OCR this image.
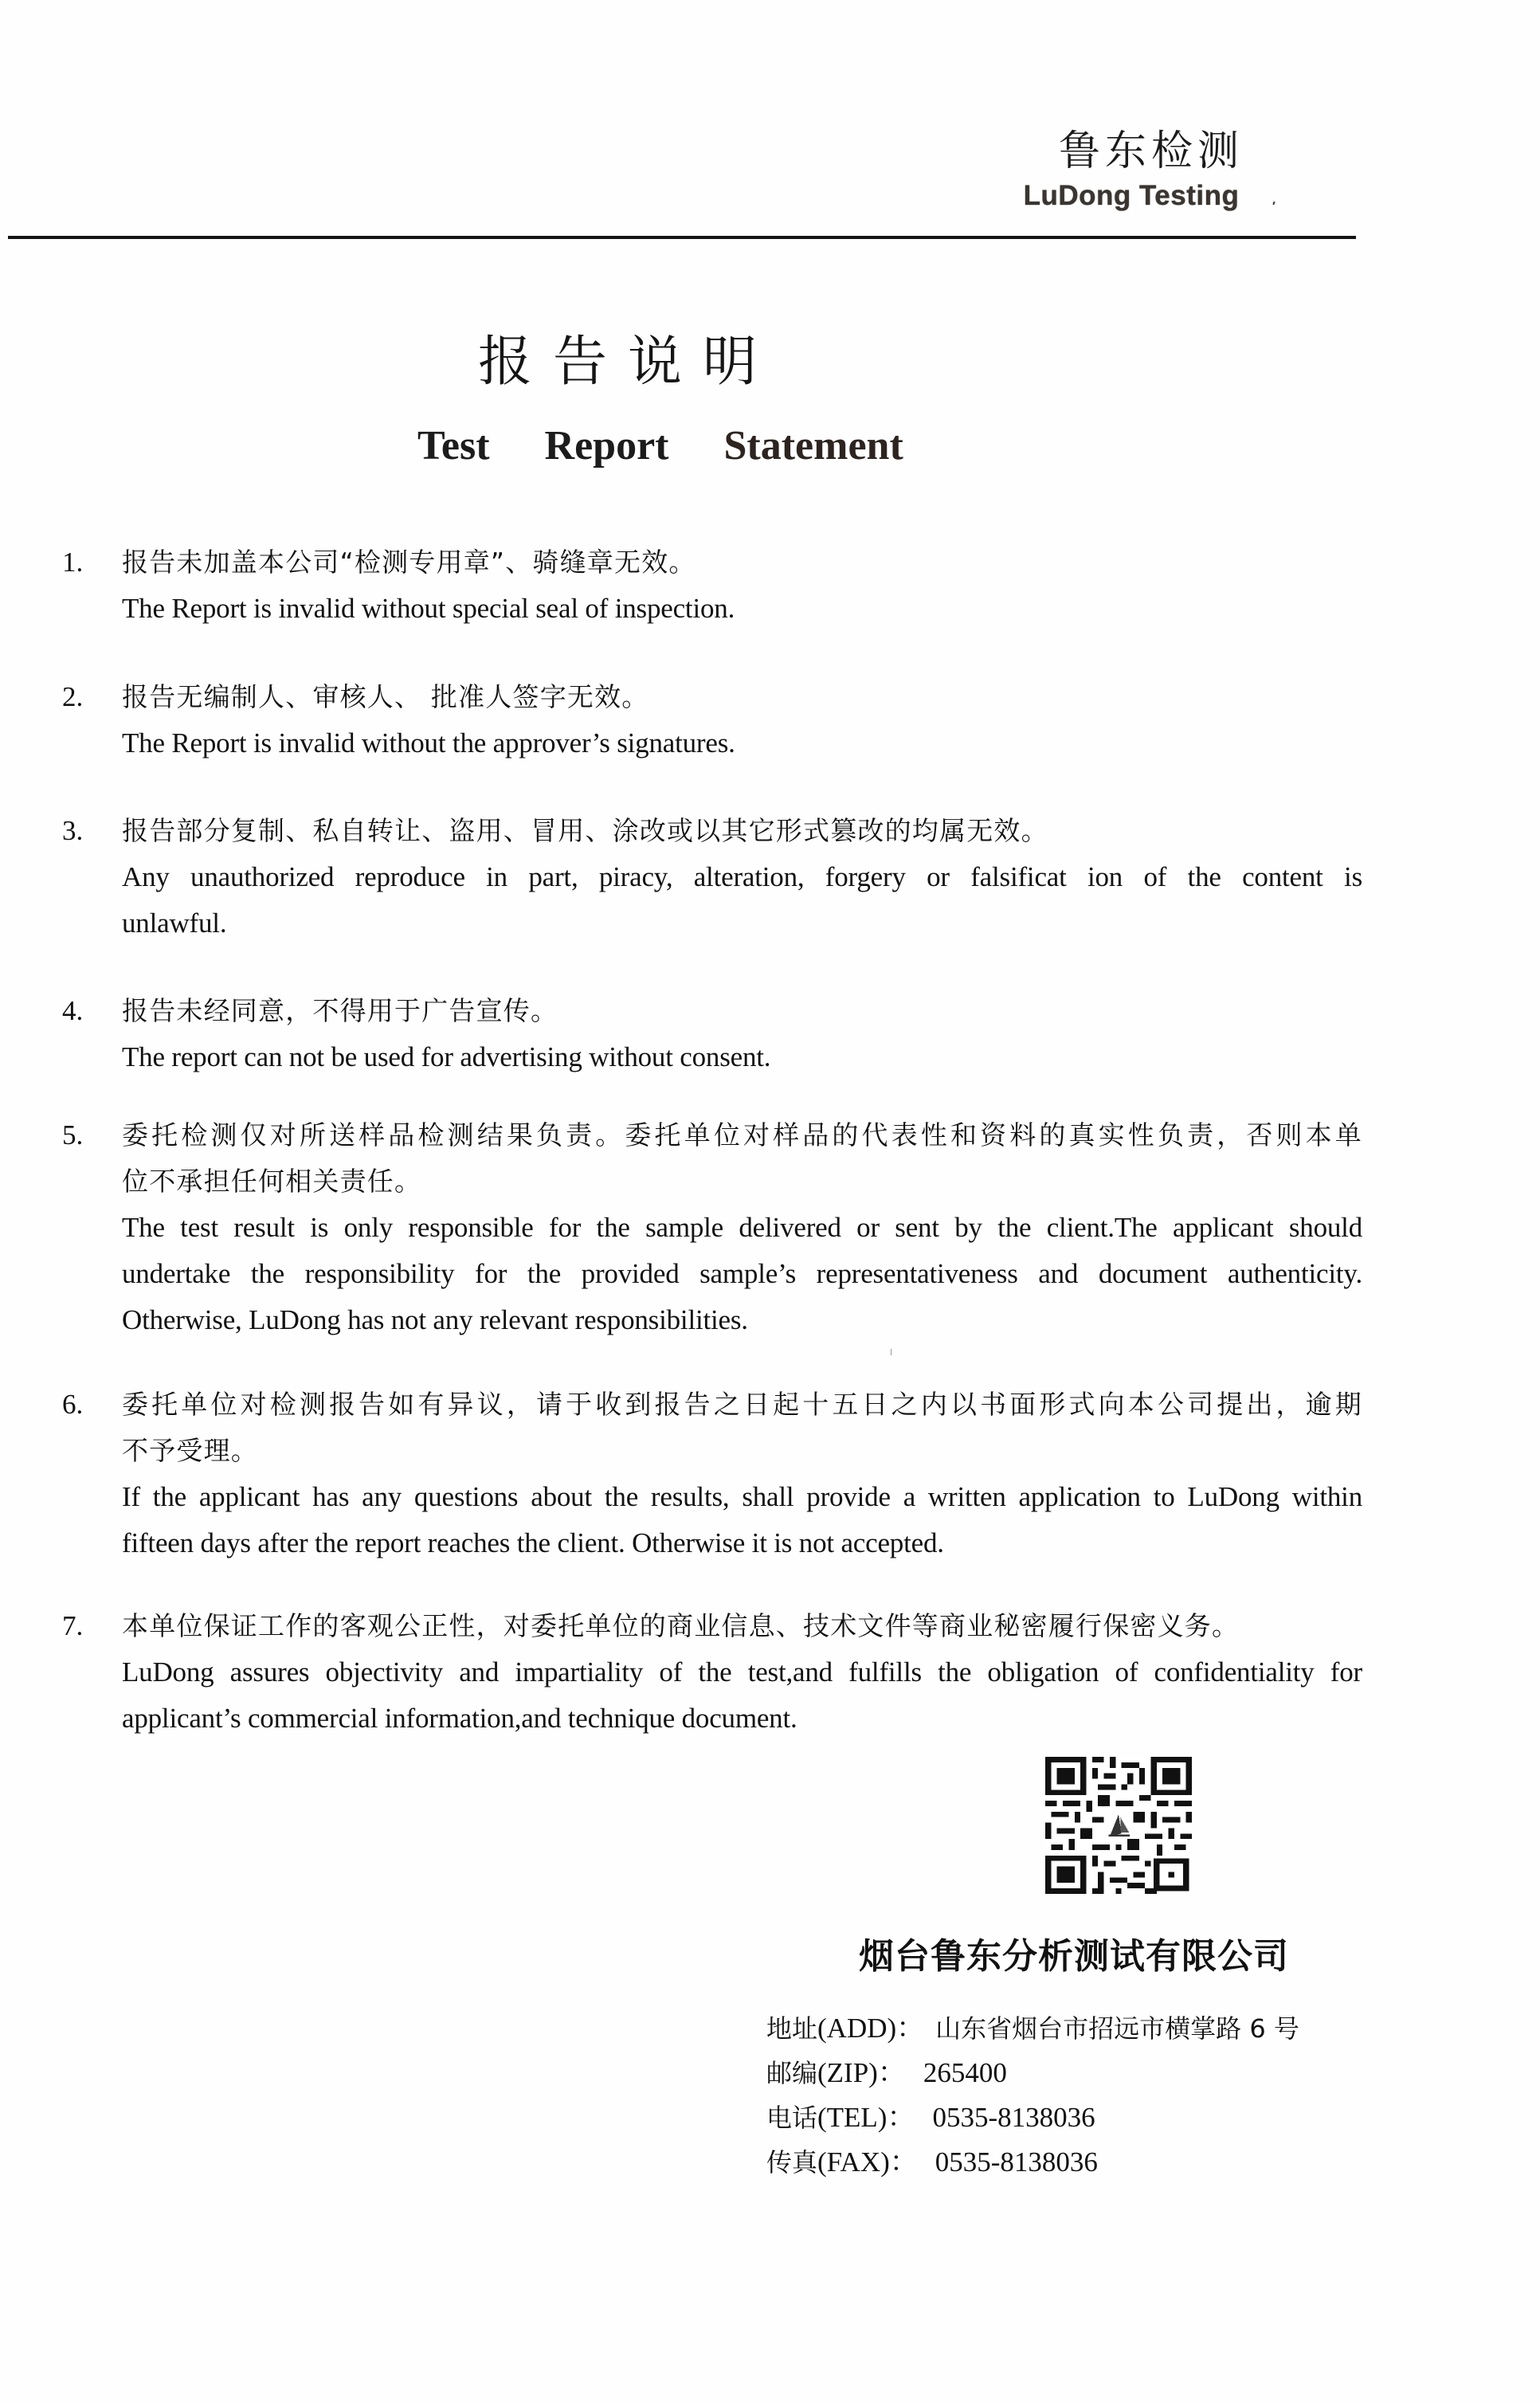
鲁东检测
LuDong Testing
报告说明
Test Report Statement
1. 报告未加盖本公司“检测专用章”、骑缝章无效。
The Report is invalid without special seal of inspection.
2. 报告无编制人、审核人、 批准人签字无效。
The Report is invalid without the approver’s signatures.
3. 报告部分复制、私自转让、盗用、冒用、涂改或以其它形式篡改的均属无效。
Any unauthorized reproduce in part, piracy, alteration, forgery or falsificat ion of the content is
unlawful.
4. 报告未经同意，不得用于广告宣传。
The report can not be used for advertising without consent.
5. 委托检测仅对所送样品检测结果负责。委托单位对样品的代表性和资料的真实性负责，否则本单
位不承担任何相关责任。
The test result is only responsible for the sample delivered or sent by the client.The applicant should
undertake the responsibility for the provided sample’s representativeness and document authenticity.
Otherwise, LuDong has not any relevant responsibilities.
6. 委托单位对检测报告如有异议，请于收到报告之日起十五日之内以书面形式向本公司提出，逾期
不予受理。
If the applicant has any questions about the results, shall provide a written application to LuDong within
fifteen days after the report reaches the client. Otherwise it is not accepted.
7. 本单位保证工作的客观公正性，对委托单位的商业信息、技术文件等商业秘密履行保密义务。
LuDong assures objectivity and impartiality of the test,and fulfills the obligation of confidentiality for
applicant’s commercial information,and technique document.
烟台鲁东分析测试有限公司
地址(ADD)： 山东省烟台市招远市横掌路 6 号
邮编(ZIP)： 265400
电话(TEL)： 0535-8138036
传真(FAX)： 0535-8138036
